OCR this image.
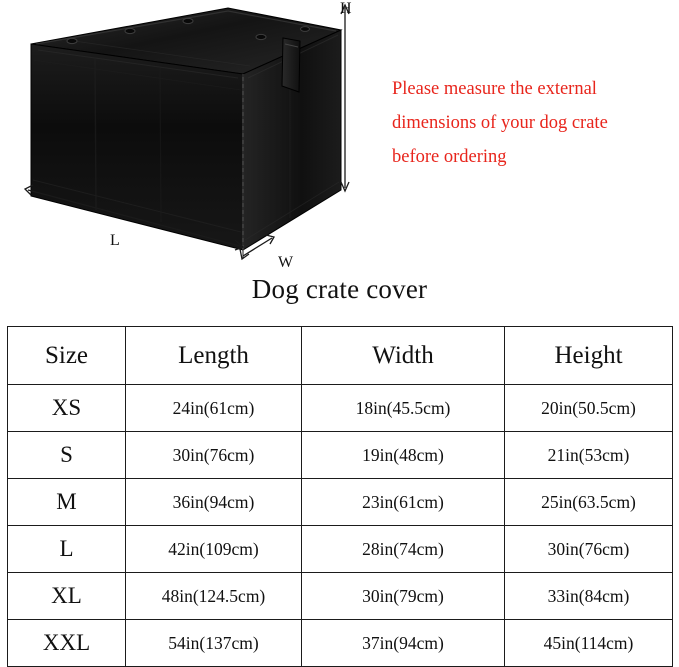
H
L
W
Please measure the external
dimensions of your dog crate
before ordering
Dog crate cover
Size	Length	Width	Height
XS	24in(61cm)	18in(45.5cm)	20in(50.5cm)
S	30in(76cm)	19in(48cm)	21in(53cm)
M	36in(94cm)	23in(61cm)	25in(63.5cm)
L	42in(109cm)	28in(74cm)	30in(76cm)
XL	48in(124.5cm)	30in(79cm)	33in(84cm)
XXL	54in(137cm)	37in(94cm)	45in(114cm)
